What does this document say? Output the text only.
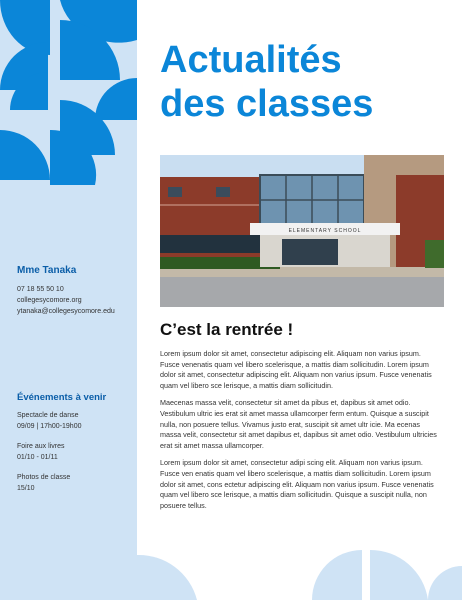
Mme Tanaka

07 18 55 50 10

collegesycomore.org

ytanaka@collegesycomore.edu

Événements à venir

Spectacle de danse

09/09 | 17h00-19h00

Foire aux livres

01/10 - 01/11

Photos de classe

15/10

Actualités
des classes
ELEMENTARY SCHOOL
C’est la rentrée !

Lorem ipsum dolor sit amet, consectetur adipiscing elit. Aliquam non varius ipsum. Fusce venenatis quam vel libero scelerisque, a mattis diam sollicitudin. Lorem ipsum dolor sit amet, consectetur adipiscing elit. Aliquam non varius ipsum. Fusce venenatis quam vel libero sce lerisque, a mattis diam sollicitudin.

Maecenas massa velit, consectetur sit amet da pibus et, dapibus sit amet odio. Vestibulum ultric ies erat sit amet massa ullamcorper ferm entum. Quisque a suscipit nulla, non posuere tellus. Vivamus justo erat, suscipit sit amet ultr icie. Ma ecenas massa velit, consectetur sit amet dapibus et, dapibus sit amet odio. Vestibulum ultricies erat sit amet massa ullamcorper.

Lorem ipsum dolor sit amet, consectetur adipi scing elit. Aliquam non varius ipsum. Fusce ven enatis quam vel libero scelerisque, a mattis diam sollicitudin. Lorem ipsum dolor sit amet, cons ectetur adipiscing elit. Aliquam non varius ipsum. Fusce venenatis quam vel libero sce lerisque, a mattis diam sollicitudin. Quisque a suscipit nulla, non posuere tellus.
